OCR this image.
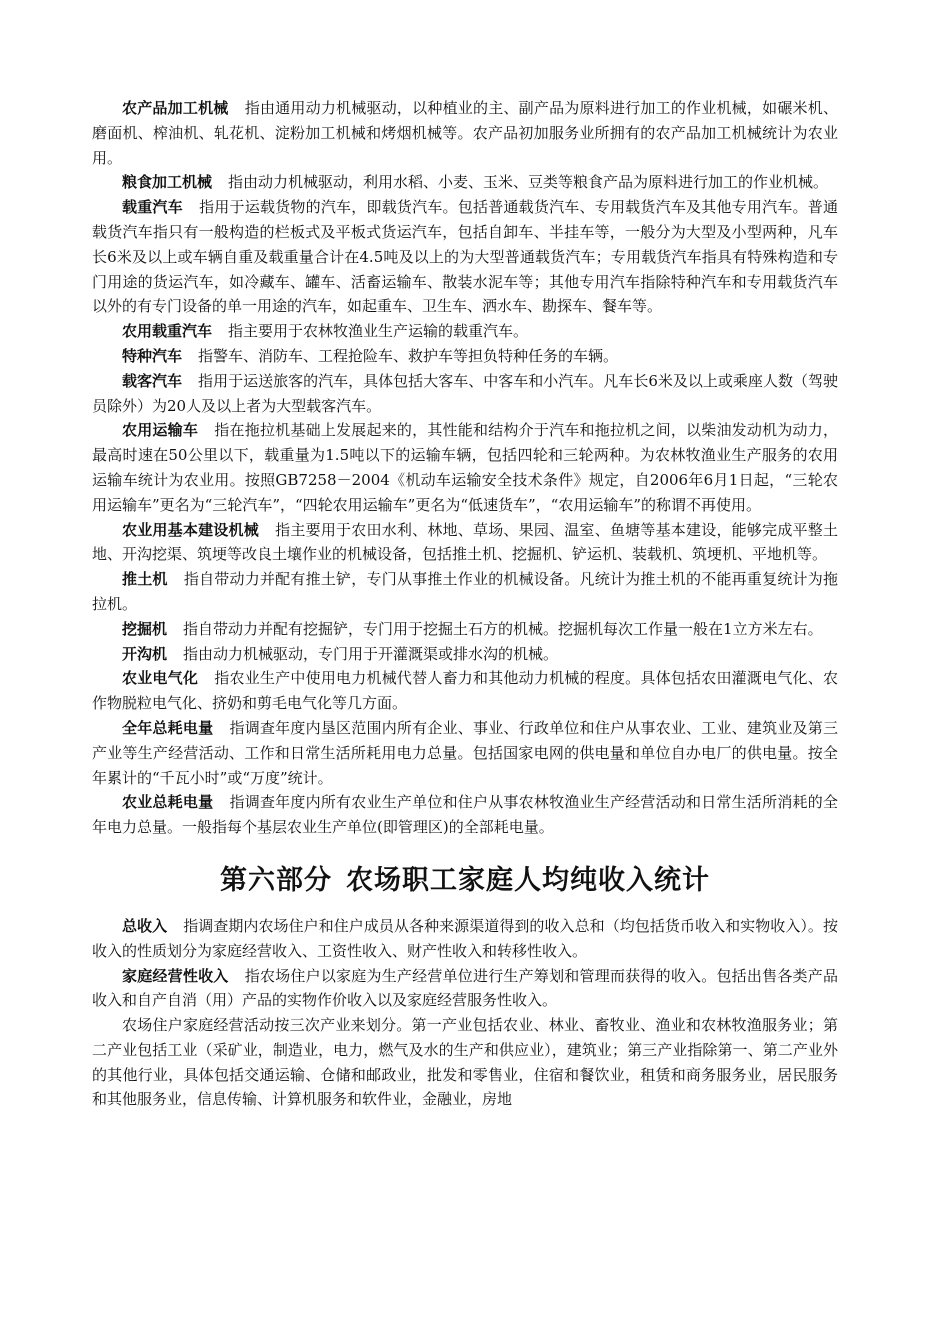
农产品加工机械 指由通用动力机械驱动，以种植业的主、副产品为原料进行加工的作业机械，如碾米机、磨面机、榨油机、轧花机、淀粉加工机械和烤烟机械等。农产品初加服务业所拥有的农产品加工机械统计为农业用。

粮食加工机械 指由动力机械驱动，利用水稻、小麦、玉米、豆类等粮食产品为原料进行加工的作业机械。

载重汽车 指用于运载货物的汽车，即载货汽车。包括普通载货汽车、专用载货汽车及其他专用汽车。普通载货汽车指只有一般构造的栏板式及平板式货运汽车，包括自卸车、半挂车等，一般分为大型及小型两种，凡车长6米及以上或车辆自重及载重量合计在4.5吨及以上的为大型普通载货汽车；专用载货汽车指具有特殊构造和专门用途的货运汽车，如冷藏车、罐车、活畜运输车、散装水泥车等；其他专用汽车指除特种汽车和专用载货汽车以外的有专门设备的单一用途的汽车，如起重车、卫生车、洒水车、勘探车、餐车等。

农用载重汽车 指主要用于农林牧渔业生产运输的载重汽车。

特种汽车 指警车、消防车、工程抢险车、救护车等担负特种任务的车辆。

载客汽车 指用于运送旅客的汽车，具体包括大客车、中客车和小汽车。凡车长6米及以上或乘座人数（驾驶员除外）为20人及以上者为大型载客汽车。

农用运输车 指在拖拉机基础上发展起来的，其性能和结构介于汽车和拖拉机之间，以柴油发动机为动力，最高时速在50公里以下，载重量为1.5吨以下的运输车辆，包括四轮和三轮两种。为农林牧渔业生产服务的农用运输车统计为农业用。按照GB7258－2004《机动车运输安全技术条件》规定，自2006年6月1日起，“三轮农用运输车”更名为“三轮汽车”，“四轮农用运输车”更名为“低速货车”，“农用运输车”的称谓不再使用。

农业用基本建设机械 指主要用于农田水利、林地、草场、果园、温室、鱼塘等基本建设，能够完成平整土地、开沟挖渠、筑埂等改良土壤作业的机械设备，包括推土机、挖掘机、铲运机、装载机、筑埂机、平地机等。

推土机 指自带动力并配有推土铲，专门从事推土作业的机械设备。凡统计为推土机的不能再重复统计为拖拉机。

挖掘机 指自带动力并配有挖掘铲，专门用于挖掘土石方的机械。挖掘机每次工作量一般在1立方米左右。

开沟机 指由动力机械驱动，专门用于开灌溉渠或排水沟的机械。

农业电气化 指农业生产中使用电力机械代替人畜力和其他动力机械的程度。具体包括农田灌溉电气化、农作物脱粒电气化、挤奶和剪毛电气化等几方面。

全年总耗电量 指调查年度内垦区范围内所有企业、事业、行政单位和住户从事农业、工业、建筑业及第三产业等生产经营活动、工作和日常生活所耗用电力总量。包括国家电网的供电量和单位自办电厂的供电量。按全年累计的“千瓦小时”或“万度”统计。

农业总耗电量 指调查年度内所有农业生产单位和住户从事农林牧渔业生产经营活动和日常生活所消耗的全年电力总量。一般指每个基层农业生产单位(即管理区)的全部耗电量。

第六部分 农场职工家庭人均纯收入统计

总收入 指调查期内农场住户和住户成员从各种来源渠道得到的收入总和（均包括货币收入和实物收入）。按收入的性质划分为家庭经营收入、工资性收入、财产性收入和转移性收入。

家庭经营性收入 指农场住户以家庭为生产经营单位进行生产筹划和管理而获得的收入。包括出售各类产品收入和自产自消（用）产品的实物作价收入以及家庭经营服务性收入。

农场住户家庭经营活动按三次产业来划分。第一产业包括农业、林业、畜牧业、渔业和农林牧渔服务业；第二产业包括工业（采矿业，制造业，电力，燃气及水的生产和供应业），建筑业；第三产业指除第一、第二产业外的其他行业，具体包括交通运输、仓储和邮政业，批发和零售业，住宿和餐饮业，租赁和商务服务业，居民服务和其他服务业，信息传输、计算机服务和软件业，金融业，房地
